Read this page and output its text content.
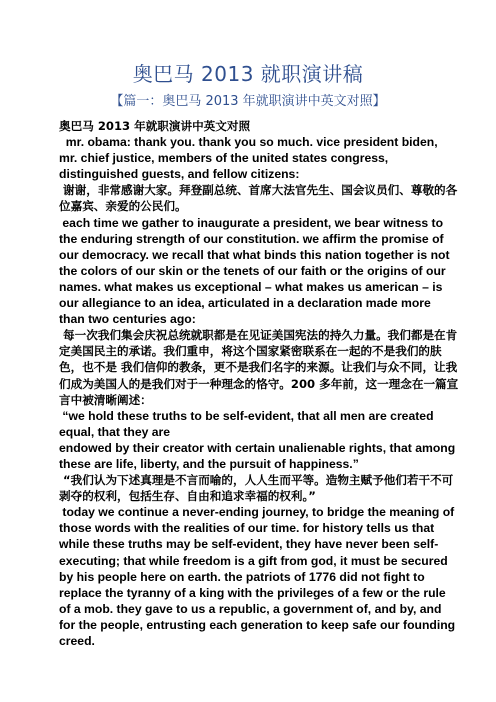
奥巴马 2013 就职演讲稿
【篇一：奥巴马 2013 年就职演讲中英文对照】

奥巴马 2013 年就职演讲中英文对照

mr. obama: thank you. thank you so much. vice president biden, mr. chief justice, members of the united states congress, distinguished guests, and fellow citizens:

谢谢，非常感谢大家。拜登副总统、首席大法官先生、国会议员们、尊敬的各位嘉宾、亲爱的公民们。

each time we gather to inaugurate a president, we bear witness to the enduring strength of our constitution. we affirm the promise of our democracy. we recall that what binds this nation together is not the colors of our skin or the tenets of our faith or the origins of our names. what makes us exceptional – what makes us american – is our allegiance to an idea, articulated in a declaration made more than two centuries ago:

每一次我们集会庆祝总统就职都是在见证美国宪法的持久力量。我们都是在肯定美国民主的承诺。我们重申，将这个国家紧密联系在一起的不是我们的肤色，也不是 我们信仰的教条，更不是我们名字的来源。让我们与众不同，让我们成为美国人的是我们对于一种理念的恪守。200 多年前，这一理念在一篇宣言中被清晰阐述：

“we hold these truths to be self-evident, that all men are created equal, that they are

endowed by their creator with certain unalienable rights, that among these are life, liberty, and the pursuit of happiness.”

“我们认为下述真理是不言而喻的，人人生而平等。造物主赋予他们若干不可剥夺的权利，包括生存、自由和追求幸福的权利。”

today we continue a never-ending journey, to bridge the meaning of those words with the realities of our time. for history tells us that while these truths may be self-evident, they have never been self-executing; that while freedom is a gift from god, it must be secured by his people here on earth. the patriots of 1776 did not fight to replace the tyranny of a king with the privileges of a few or the rule of a mob. they gave to us a republic, a government of, and by, and for the people, entrusting each generation to keep safe our founding creed.
